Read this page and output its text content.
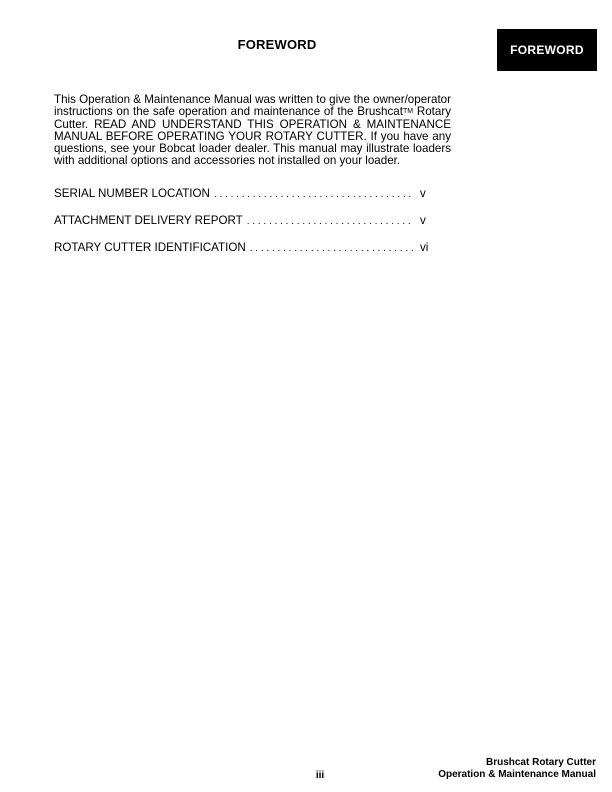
FOREWORD	FOREWORD

This Operation & Maintenance Manual was written to give the owner/operator instructions on the safe operation and maintenance of the BrushcatTM Rotary Cutter. READ AND UNDERSTAND THIS OPERATION & MAINTENANCE MANUAL BEFORE OPERATING YOUR ROTARY CUTTER. If you have any questions, see your Bobcat loader dealer. This manual may illustrate loaders with additional options and accessories not installed on your loader.

SERIAL NUMBER LOCATION . . .	v
ATTACHMENT DELIVERY REPORT . . .	v
ROTARY CUTTER IDENTIFICATION . . .	vi
iii
Brushcat Rotary Cutter
Operation & Maintenance Manual
